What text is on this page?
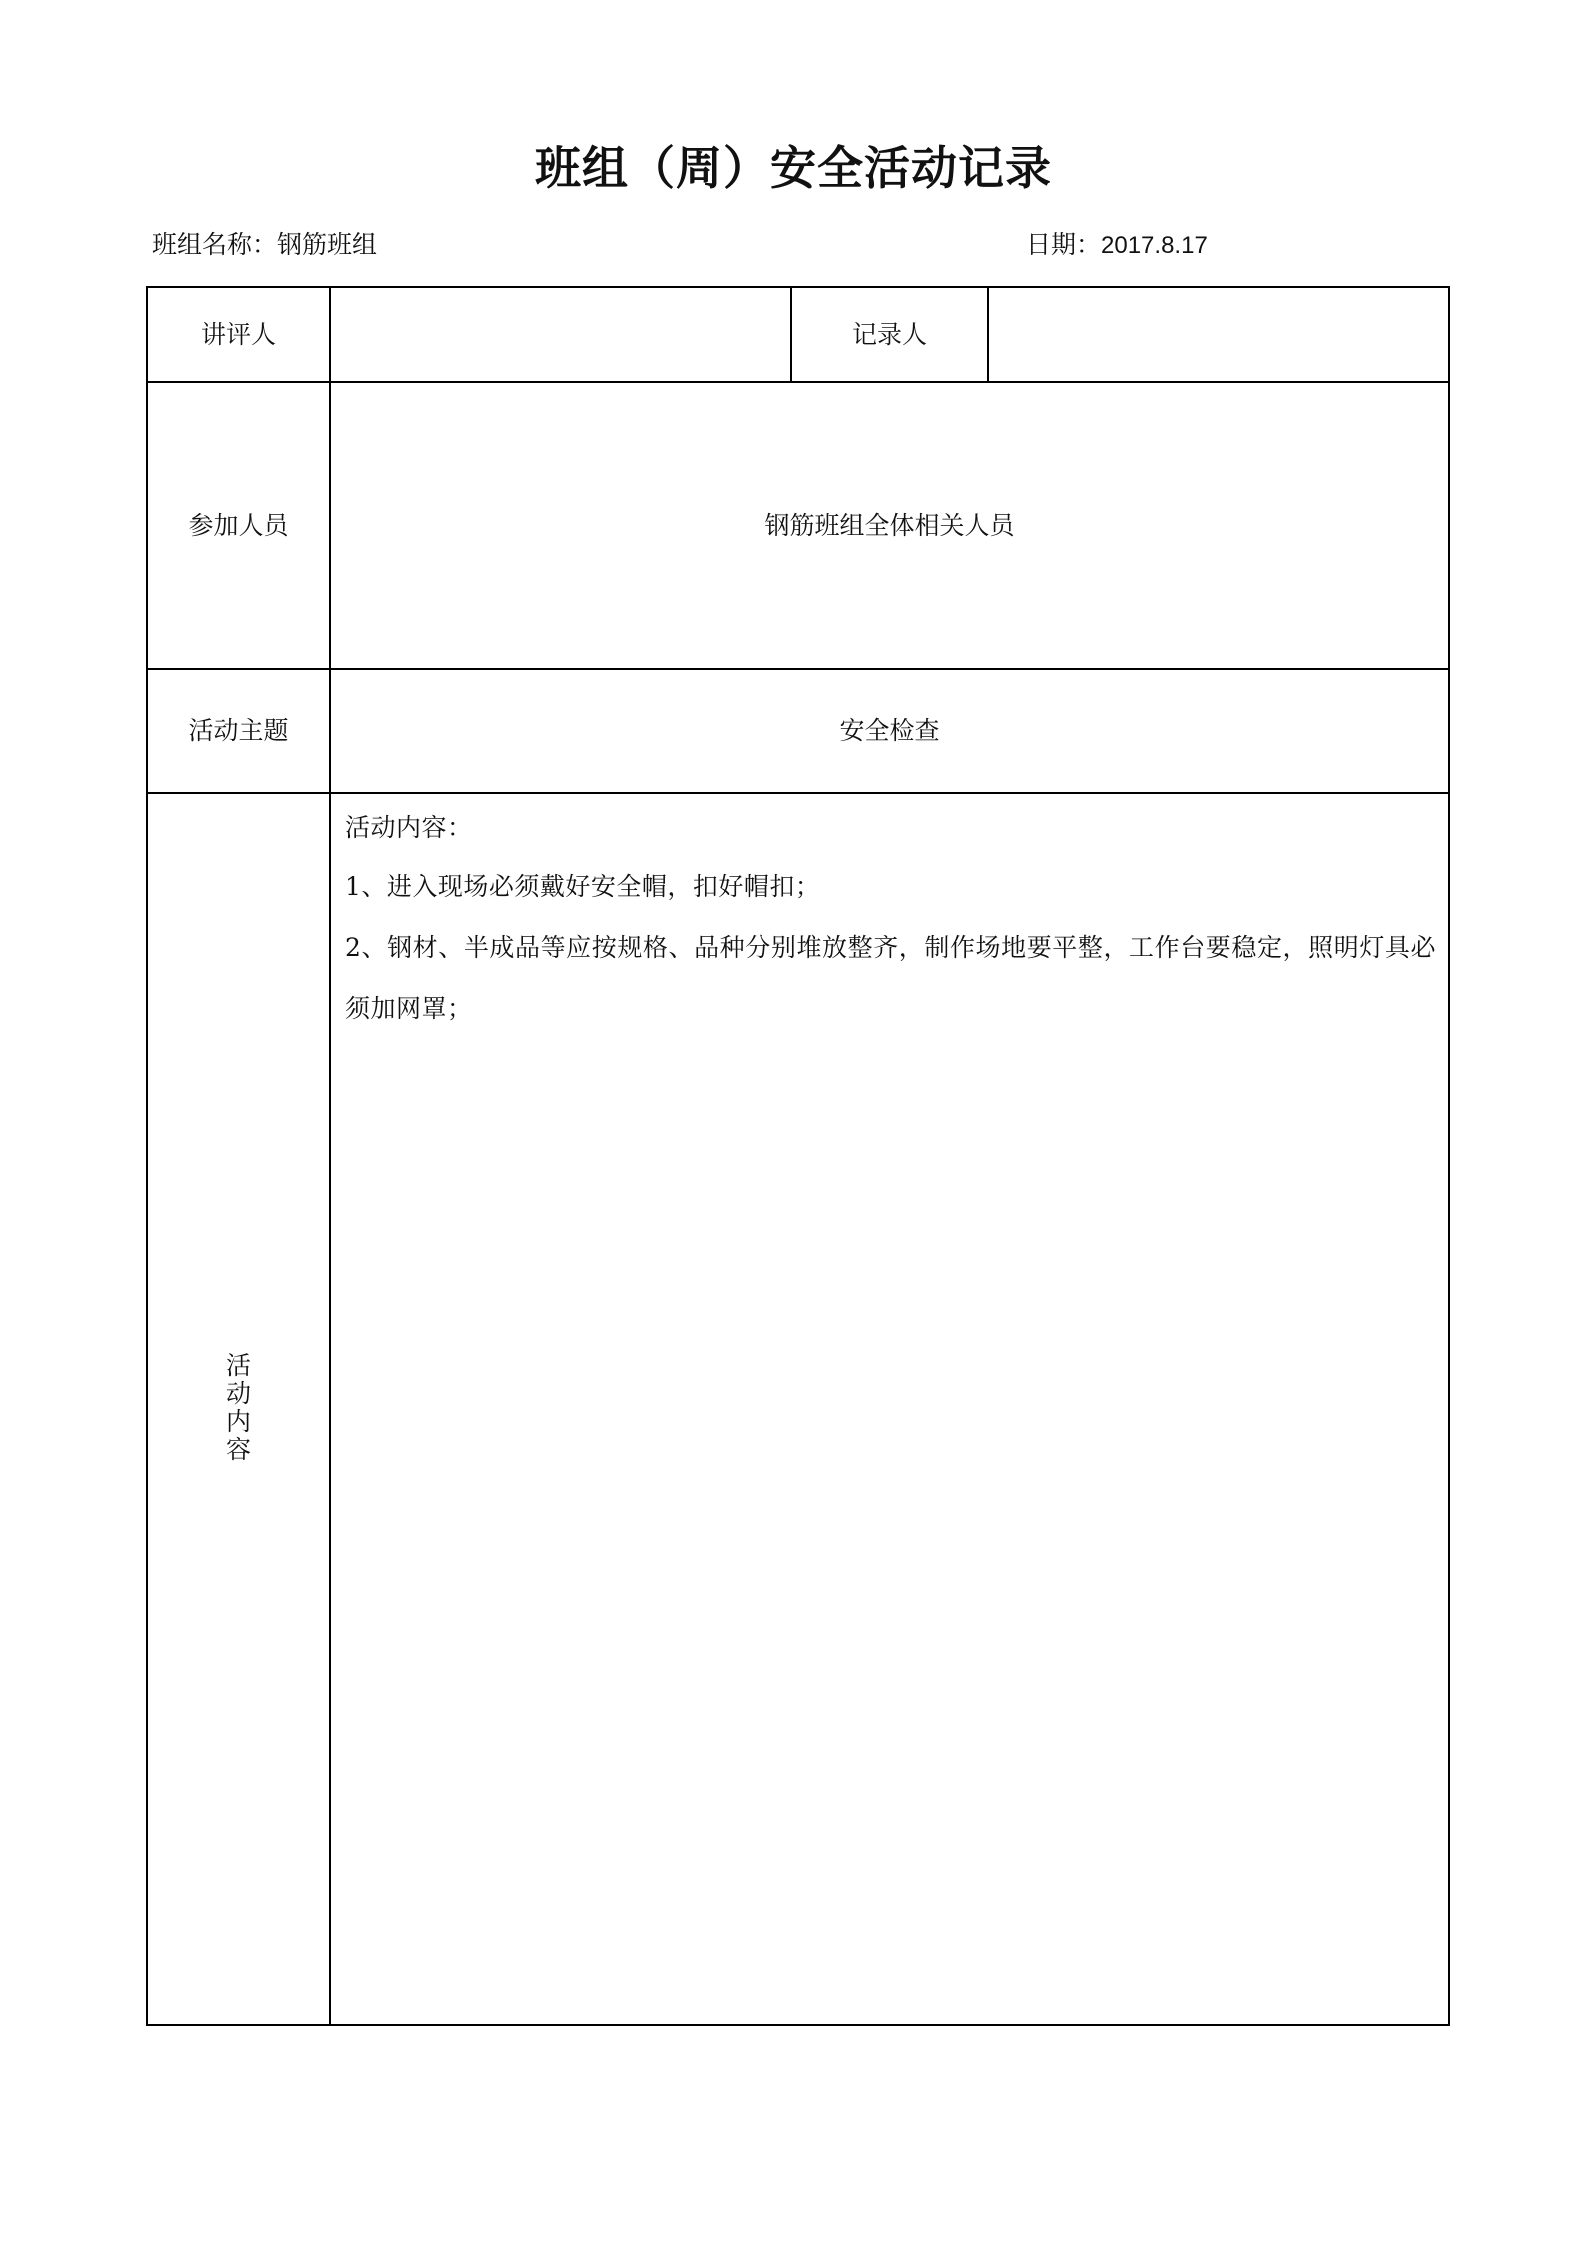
班组（周）安全活动记录
班组名称：钢筋班组	日期：2017.8.17
讲评人		记录人	
参加人员	钢筋班组全体相关人员		
活动主题	安全检查		
活动内容	活动内容：

1、进入现场必须戴好安全帽，扣好帽扣；

2、钢材、半成品等应按规格、品种分别堆放整齐，制作场地要平整，工作台要稳定，照明灯具必须加网罩；		
